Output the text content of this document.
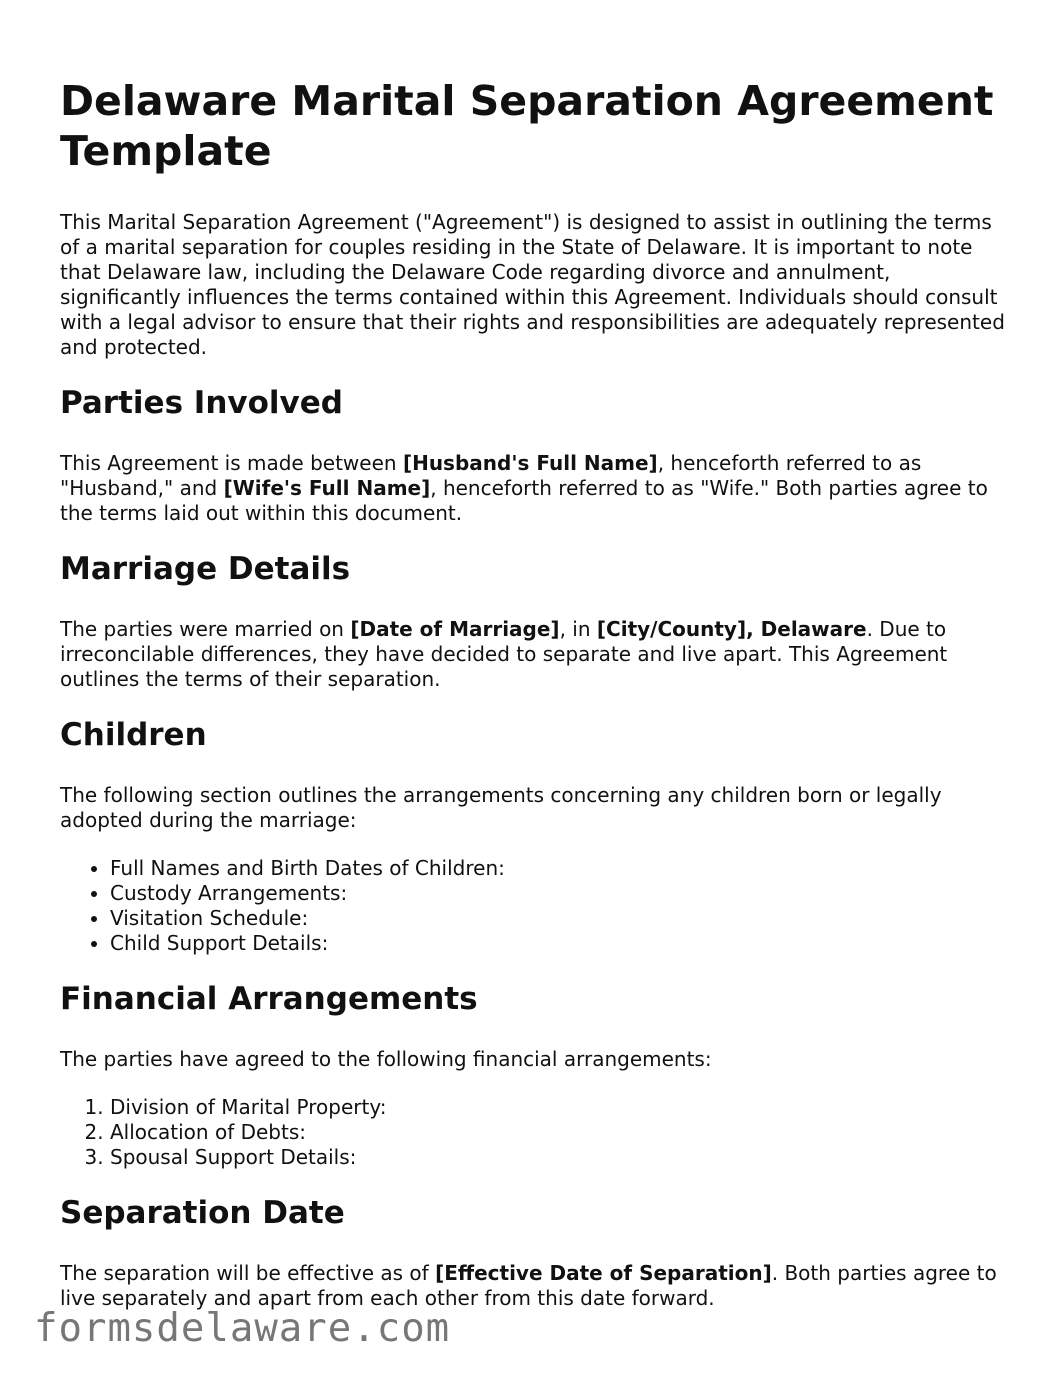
Delaware Marital Separation Agreement Template

This Marital Separation Agreement ("Agreement") is designed to assist in outlining the terms of a marital separation for couples residing in the State of Delaware. It is important to note that Delaware law, including the Delaware Code regarding divorce and annulment, significantly influences the terms contained within this Agreement. Individuals should consult with a legal advisor to ensure that their rights and responsibilities are adequately represented and protected.

Parties Involved

This Agreement is made between [Husband's Full Name], henceforth referred to as "Husband," and [Wife's Full Name], henceforth referred to as "Wife." Both parties agree to the terms laid out within this document.

Marriage Details

The parties were married on [Date of Marriage], in [City/County], Delaware. Due to irreconcilable differences, they have decided to separate and live apart. This Agreement outlines the terms of their separation.

Children

The following section outlines the arrangements concerning any children born or legally adopted during the marriage:

• Full Names and Birth Dates of Children:
• Custody Arrangements:
• Visitation Schedule:
• Child Support Details:
Financial Arrangements

The parties have agreed to the following financial arrangements:

1. Division of Marital Property:
2. Allocation of Debts:
3. Spousal Support Details:
Separation Date

The separation will be effective as of [Effective Date of Separation]. Both parties agree to live separately and apart from each other from this date forward.

formsdelaware.com
